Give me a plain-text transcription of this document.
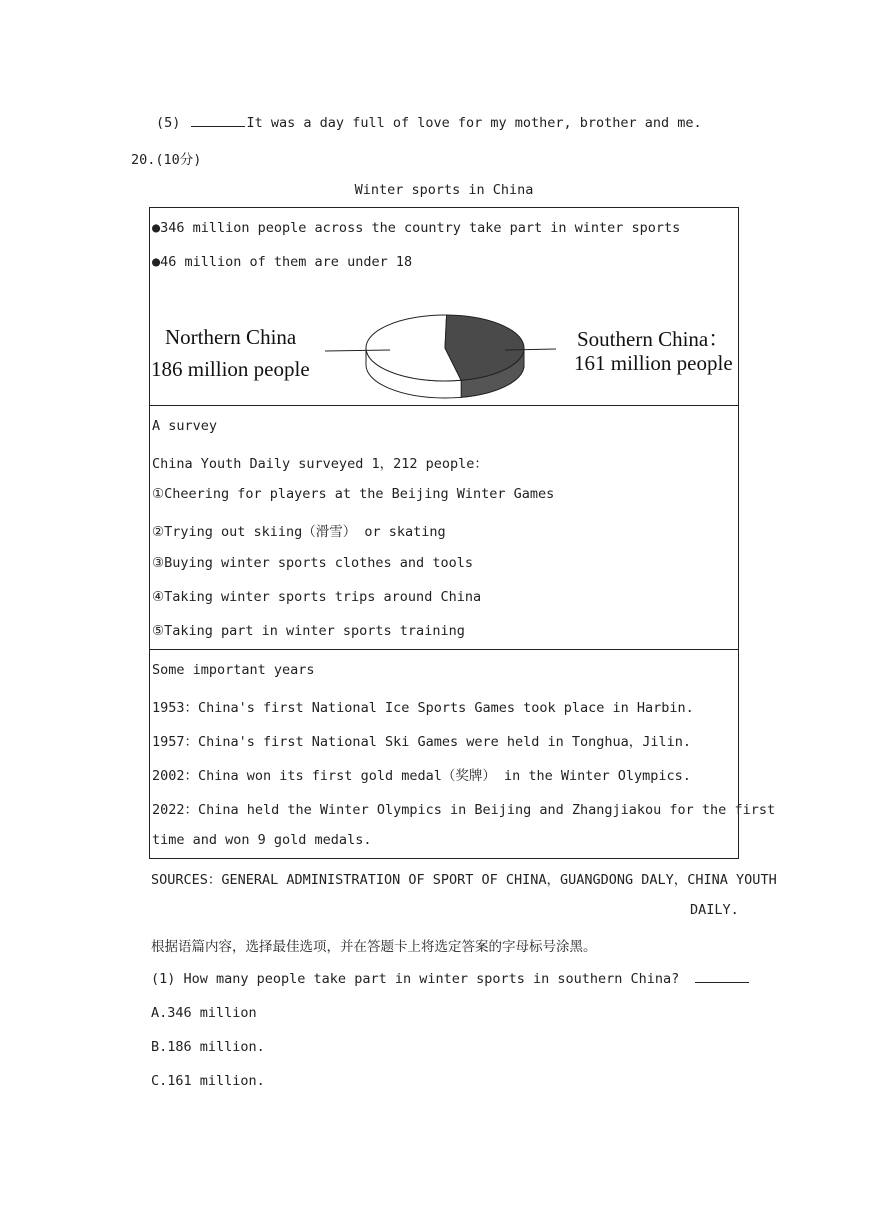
(5)	It was a day full of love for my mother, brother and me.
20.(10分)
Winter sports in China
●346 million people across the country take part in winter sports
●46 million of them are under 18
Northern China
186 million people
Southern China：
161 million people
A survey
China Youth Daily surveyed 1，212 people：
①Cheering for players at the Beijing Winter Games
②Trying out skiing（滑雪） or skating
③Buying winter sports clothes and tools
④Taking winter sports trips around China
⑤Taking part in winter sports training
Some important years
1953：China's first National Ice Sports Games took place in Harbin.
1957：China's first National Ski Games were held in Tonghua，Jilin.
2002：China won its first gold medal（奖牌） in the Winter Olympics.
2022：China held the Winter Olympics in Beijing and Zhangjiakou for the first
time and won 9 gold medals.
SOURCES：GENERAL ADMINISTRATION OF SPORT OF CHINA，GUANGDONG DALY，CHINA YOUTH
DAILY.
根据语篇内容，选择最佳选项，并在答题卡上将选定答案的字母标号涂黑。
(1) How many people take part in winter sports in southern China?
A.346 million
B.186 million.
C.161 million.
